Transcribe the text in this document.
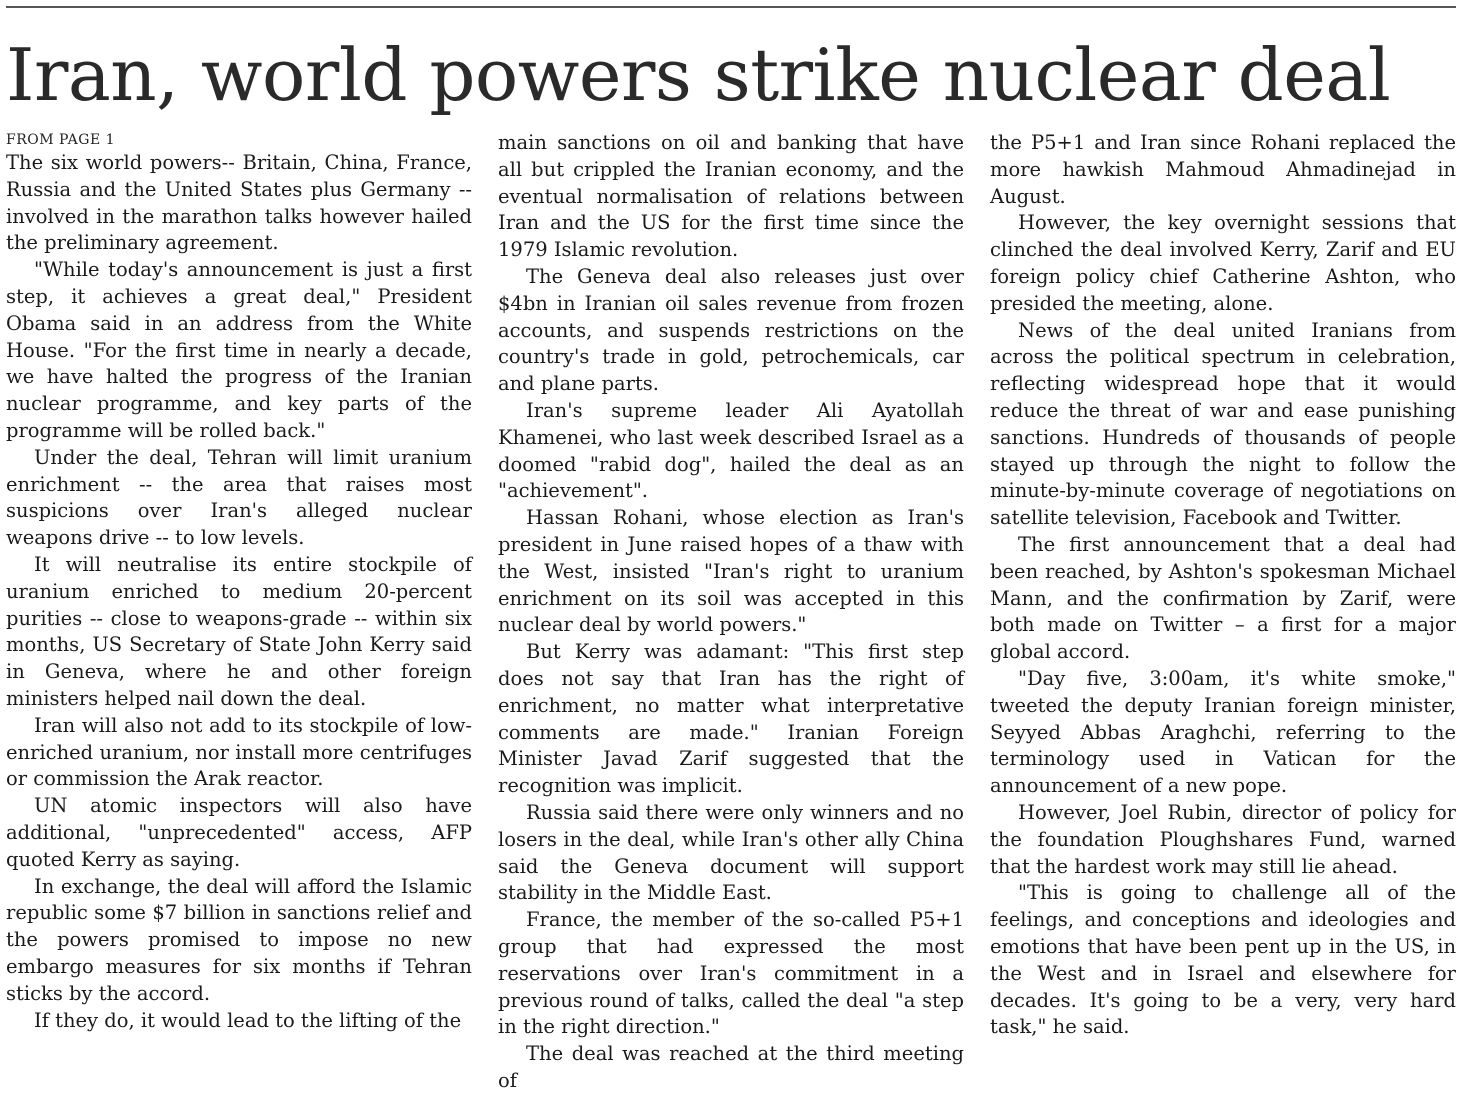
Iran, world powers strike nuclear deal

FROM PAGE 1

The six world powers-- Britain, China, France, Russia and the United States plus Germany -- involved in the marathon talks however hailed the preliminary agreement.

"While today's announcement is just a first step, it achieves a great deal," President Obama said in an address from the White House. "For the first time in nearly a decade, we have halted the progress of the Iranian nuclear programme, and key parts of the programme will be rolled back."

Under the deal, Tehran will limit uranium enrichment -- the area that raises most suspicions over Iran's alleged nuclear weapons drive -- to low levels.

It will neutralise its entire stockpile of uranium enriched to medium 20-percent purities -- close to weapons-grade -- within six months, US Secretary of State John Kerry said in Geneva, where he and other foreign ministers helped nail down the deal.

Iran will also not add to its stockpile of low-enriched uranium, nor install more centrifuges or commission the Arak reactor.

UN atomic inspectors will also have additional, "unprecedented" access, AFP quoted Kerry as saying.

In exchange, the deal will afford the Islamic republic some $7 billion in sanctions relief and the powers promised to impose no new embargo measures for six months if Tehran sticks by the accord.

If they do, it would lead to the lifting of the

main sanctions on oil and banking that have all but crippled the Iranian economy, and the eventual normalisation of relations between Iran and the US for the first time since the 1979 Islamic revolution.

The Geneva deal also releases just over $4bn in Iranian oil sales revenue from frozen accounts, and suspends restrictions on the country's trade in gold, petrochemicals, car and plane parts.

Iran's supreme leader Ali Ayatollah Khamenei, who last week described Israel as a doomed "rabid dog", hailed the deal as an "achievement".

Hassan Rohani, whose election as Iran's president in June raised hopes of a thaw with the West, insisted "Iran's right to uranium enrichment on its soil was accepted in this nuclear deal by world powers."

But Kerry was adamant: "This first step does not say that Iran has the right of enrichment, no matter what interpretative comments are made." Iranian Foreign Minister Javad Zarif suggested that the recognition was implicit.

Russia said there were only winners and no losers in the deal, while Iran's other ally China said the Geneva document will support stability in the Middle East.

France, the member of the so-called P5+1 group that had expressed the most reservations over Iran's commitment in a previous round of talks, called the deal "a step in the right direction."

The deal was reached at the third meeting of

the P5+1 and Iran since Rohani replaced the more hawkish Mahmoud Ahmadinejad in August.

However, the key overnight sessions that clinched the deal involved Kerry, Zarif and EU foreign policy chief Catherine Ashton, who presided the meeting, alone.

News of the deal united Iranians from across the political spectrum in celebration, reflecting widespread hope that it would reduce the threat of war and ease punishing sanctions. Hundreds of thousands of people stayed up through the night to follow the minute-by-minute coverage of negotiations on satellite television, Facebook and Twitter.

The first announcement that a deal had been reached, by Ashton's spokesman Michael Mann, and the confirmation by Zarif, were both made on Twitter – a first for a major global accord.

"Day five, 3:00am, it's white smoke," tweeted the deputy Iranian foreign minister, Seyyed Abbas Araghchi, referring to the terminology used in Vatican for the announcement of a new pope.

However, Joel Rubin, director of policy for the foundation Ploughshares Fund, warned that the hardest work may still lie ahead.

"This is going to challenge all of the feelings, and conceptions and ideologies and emotions that have been pent up in the US, in the West and in Israel and elsewhere for decades. It's going to be a very, very hard task," he said.
